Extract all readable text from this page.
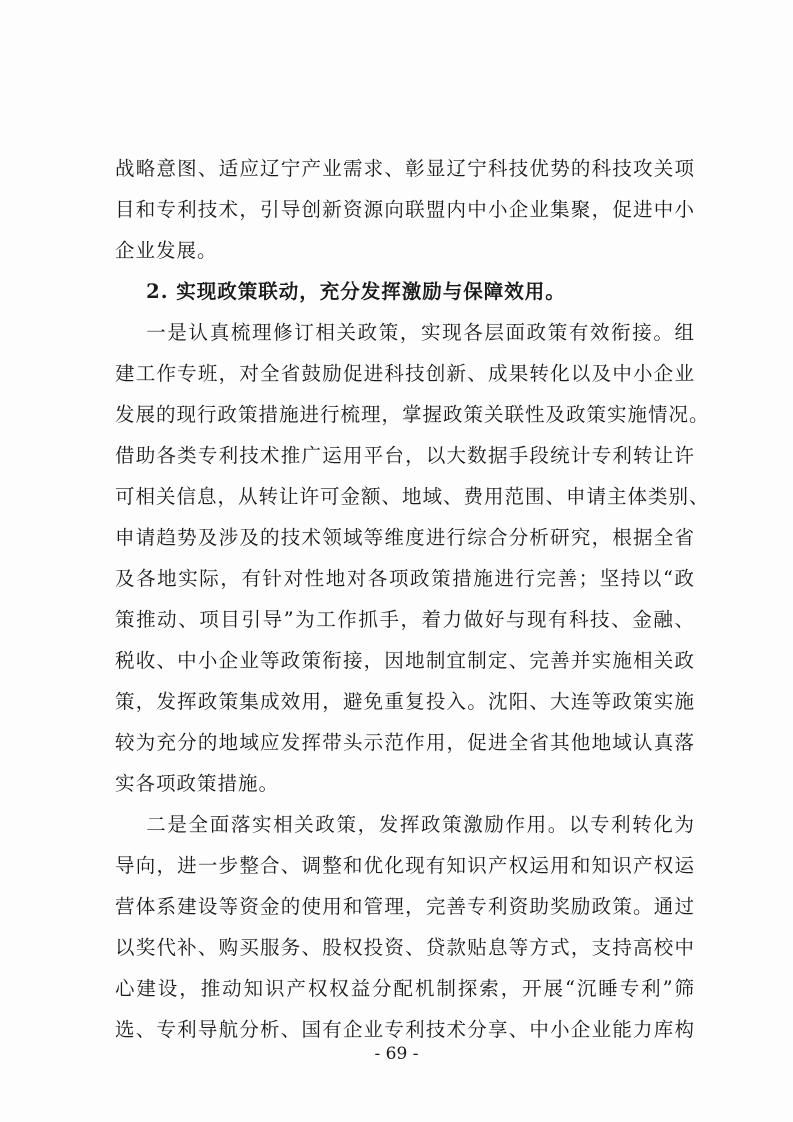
战略意图、适应辽宁产业需求、彰显辽宁科技优势的科技攻关项
目和专利技术，引导创新资源向联盟内中小企业集聚，促进中小
企业发展。
2. 实现政策联动，充分发挥激励与保障效用。
一是认真梳理修订相关政策，实现各层面政策有效衔接。组
建工作专班，对全省鼓励促进科技创新、成果转化以及中小企业
发展的现行政策措施进行梳理，掌握政策关联性及政策实施情况。
借助各类专利技术推广运用平台，以大数据手段统计专利转让许
可相关信息，从转让许可金额、地域、费用范围、申请主体类别、
申请趋势及涉及的技术领域等维度进行综合分析研究，根据全省
及各地实际，有针对性地对各项政策措施进行完善；坚持以“政
策推动、项目引导”为工作抓手，着力做好与现有科技、金融、
税收、中小企业等政策衔接，因地制宜制定、完善并实施相关政
策，发挥政策集成效用，避免重复投入。沈阳、大连等政策实施
较为充分的地域应发挥带头示范作用，促进全省其他地域认真落
实各项政策措施。
二是全面落实相关政策，发挥政策激励作用。以专利转化为
导向，进一步整合、调整和优化现有知识产权运用和知识产权运
营体系建设等资金的使用和管理，完善专利资助奖励政策。通过
以奖代补、购买服务、股权投资、贷款贴息等方式，支持高校中
心建设，推动知识产权权益分配机制探索，开展“沉睡专利”筛
选、专利导航分析、国有企业专利技术分享、中小企业能力库构
- 69 -
